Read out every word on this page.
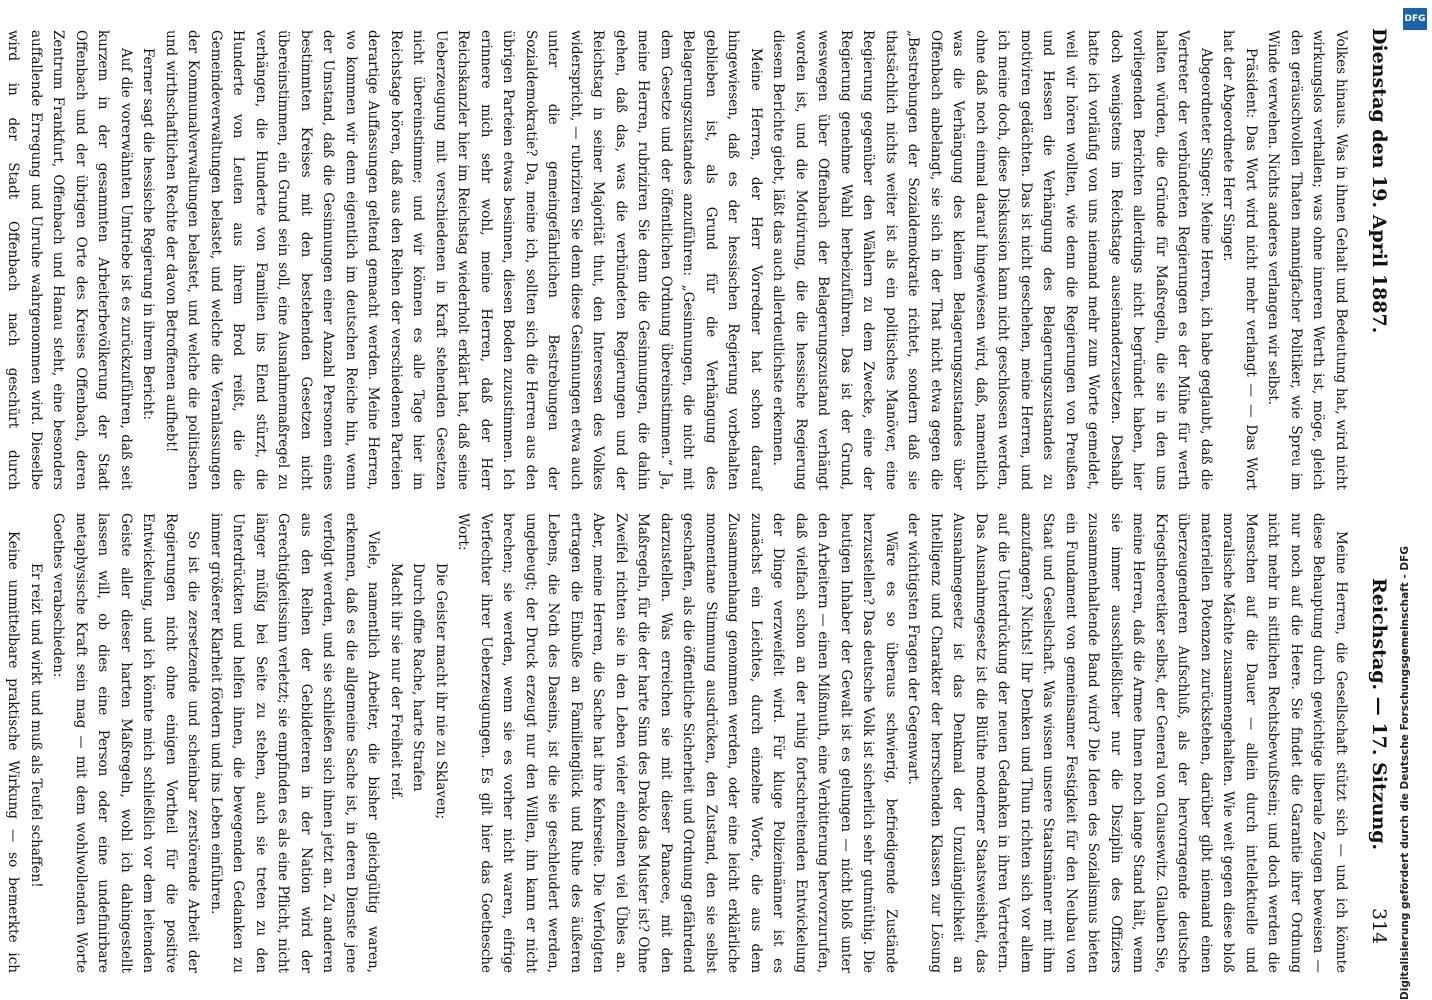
314
Reichstag. — 17. Sitzung.
Dienstag den 19. April 1887.

Meine Herren, die Gesellschaft stützt sich — und ich könnte diese Behauptung durch gewichtige liberale Zeugen beweisen — nur noch auf die Heere. Sie findet die Garantie ihrer Ordnung nicht mehr in sittlichen Rechtsbewußtsein; und doch werden die Menschen auf die Dauer — allein durch intellektuelle und moralische Mächte zusammengehalten. Wie weit gegen diese bloß materiellen Potenzen zurückstehen, darüber gibt niemand einen überzeugenderen Aufschluß, als der hervorragende deutsche Kriegstheoretiker selbst, der General von Clausewitz. Glauben Sie, meine Herren, daß die Armee Ihnen noch lange Stand hält, wenn sie immer ausschließlicher nur die Disziplin des Offiziers zusammenhaltende Band wird? Die Ideen des Sozialismus bieten ein Fundament von gemeinsamer Festigkeit für den Neubau von Staat und Gesellschaft. Was wissen unsere Staatsmänner mit ihm anzufangen? Nichts! Ihr Denken und Thun richten sich vor allem auf die Unterdrückung der neuen Gedanken in ihren Vertretern. Das Ausnahmegesetz ist die Blüthe moderner Staatsweisheit, das Ausnahmegesetz ist das Denkmal der Unzulänglichkeit an Intelligenz und Charakter der herrschenden Klassen zur Lösung der wichtigsten Fragen der Gegenwart.

Wäre es so überaus schwierig, befriedigende Zustände herzustellen? Das deutsche Volk ist sicherlich sehr gutmüthig. Die heutigen Inhaber der Gewalt ist es gelungen — nicht bloß unter den Arbeitern — einen Mißmuth, eine Verbitterung hervorzurufen, daß vielfach schon an der ruhig fortschreitenden Entwickelung der Dinge verzweifelt wird. Für kluge Polizeimänner ist es zunächst ein Leichtes, durch einzelne Worte, die aus dem Zusammenhang genommen werden, oder eine leicht erklärliche momentane Stimmung ausdrücken, den Zustand, den sie selbst geschaffen, als die öffentliche Sicherheit und Ordnung gefährdend darzustellen. Was erreichen sie mit dieser Panacee, mit den Maßregeln, für die der harte Sinn des Drako das Muster ist? Ohne Zweifel richten sie in den Leben vieler einzelnen viel Übles an. Aber, meine Herren, die Sache hat ihre Kehrseite. Die Verfolgten ertragen die Einbuße an Familienglück und Ruhe des äußeren Lebens, die Noth des Daseins, ist die sie geschleudert werden, ungebeugt; der Druck erzeugt nur den Willen, ihn kann er nicht brechen; sie werden, wenn sie es vorher nicht waren, eifrige Verfechter ihrer Ueberzeugungen. Es gilt hier das Goethesche Wort:

Die Geister macht ihr nie zu Sklaven;

Durch offne Rache, harte Strafen

Macht ihr sie nur der Freiheit reif.

Viele, namentlich Arbeiter, die bisher gleichgültig waren, erkennen, daß es die allgemeine Sache ist, in deren Dienste jene verfolgt werden, und sie schließen sich ihnen jetzt an. Zu anderen aus den Reihen der Gebildeteren in der Nation wird der Gerechtigkeitssinn verletzt; sie empfinden es als eine Pflicht, nicht länger müßig bei Seite zu stehen, auch sie treten zu den Unterdrückten und helfen ihnen, die bewegenden Gedanken zu immer größerer Klarheit fördern und ins Leben einführen.

So ist die zersetzende und scheinbar zerstörende Arbeit der Regierungen nicht ohne einigen Vortheil für die positive Entwickelung, und ich könnte mich schließlich vor dem leitenden Geiste aller dieser harten Maßregeln, wohl ich dahingestellt lassen will, ob dies eine Person oder eine undefinirbare metaphysische Kraft sein mag — mit dem wohlwollenden Worte Goethes verabschieden:

Er reizt und wirkt und muß als Teufel schaffen!

Keine unmittelbare praktische Wirkung — so bemerkte ich

Volkes hinaus. Was in ihnen Gehalt und Bedeutung hat, wird nicht wirkungslos verhallen; was ohne inneren Werth ist, möge, gleich den geräuschvollen Thaten mannigfacher Politiker, wie Spreu im Winde verwehen. Nichts anderes verlangen wir selbst.

Präsident: Das Wort wird nicht mehr verlangt — — Das Wort hat der Abgeordnete Herr Singer.

Abgeordneter Singer: Meine Herren, ich habe geglaubt, daß die Vertreter der verbündeten Regierungen es der Mühe für werth halten würden, die Gründe für Maßregeln, die sie in den uns vorliegenden Berichten allerdings nicht begründet haben, hier doch wenigstens im Reichstage auseinanderzusetzen. Deshalb hatte ich vorläufig von uns niemand mehr zum Worte gemeldet, weil wir hören wollten, wie denn die Regierungen von Preußen und Hessen die Verhängung des Belagerungszustandes zu motiviren gedächten. Das ist nicht geschehen, meine Herren, und ich meine doch, diese Diskussion kann nicht geschlossen werden, ohne daß noch einmal darauf hingewiesen wird, daß, namentlich was die Verhängung des kleinen Belagerungszustandes über Offenbach anbelangt, sie sich in der That nicht etwa gegen die „Bestrebungen der Sozialdemokratie richtet, sondern daß sie thatsächlich nichts weiter ist als ein politisches Manöver, eine Regierung gegenüber den Wählern zu dem Zwecke, eine der Regierung genehme Wahl herbeizuführen. Das ist der Grund, weswegen über Offenbach der Belagerungszustand verhängt worden ist, und die Motivirung, die die hessische Regierung diesem Berichte giebt, läßt das auch allerdeutlichste erkennen.

Meine Herren, der Herr Vorredner hat schon darauf hingewiesen, daß es der hessischen Regierung vorbehalten geblieben ist, als Grund für die Verhängung des Belagerungszustandes anzuführen: „Gesinnungen, die nicht mit dem Gesetze und der öffentlichen Ordnung übereinstimmen.“ Ja, meine Herren, rubriziren Sie denn die Gesinnungen, die dahin gehen, daß das, was die verbündeten Regierungen und der Reichstag in seiner Majorität thut, den Interessen des Volkes widerspricht, — rubriziren Sie denn diese Gesinnungen etwa auch unter die gemeingefährlichen Bestrebungen der Sozialdemokratie? Da, meine ich, sollten sich die Herren aus den übrigen Parteien etwas besinnen, diesen Boden zuzustimmen. Ich erinnere mich sehr wohl, meine Herren, daß der Herr Reichskanzler hier im Reichstag wiederholt erklärt hat, daß seine Ueberzeugung mit verschiedenen in Kraft stehenden Gesetzen nicht übereinstimme; und wir können es alle Tage hier im Reichstage hören, daß aus den Reihen der verschiedenen Parteien derartige Auffassungen geltend gemacht werden. Meine Herren, wo kommen wir denn eigentlich im deutschen Reiche hin, wenn der Umstand, daß die Gesinnungen einer Anzahl Personen eines bestimmten Kreises mit den bestehenden Gesetzen nicht übereinstimmen, ein Grund sein soll, eine Ausnahmemaßregel zu verhängen, die Hunderte von Familien ins Elend stürzt, die Hunderte von Leuten aus ihrem Brod reißt, die die Gemeindeverwaltungen belastet, und welche die Veranlassungen der Kommunalverwaltungen belastet, und welche die politischen und wirthschaftlichen Rechte der davon Betroffenen aufhebt!

Ferner sagt die hessische Regierung in ihrem Bericht:

Auf die vorerwähnten Umtriebe ist es zurückzuführen, daß seit kurzem in der gesammten Arbeiterbevölkerung der Stadt Offenbach und der übrigen Orte des Kreises Offenbach, deren Zentrum Frankfurt, Offenbach und Hanau steht, eine besonders auffallende Erregung und Unruhe wahrgenommen wird. Dieselbe wird in der Stadt Offenbach nach geschürt durch

Digitalisierung gefördert durch die Deutsche Forschungsgemeinschaft - DFG
DFG
